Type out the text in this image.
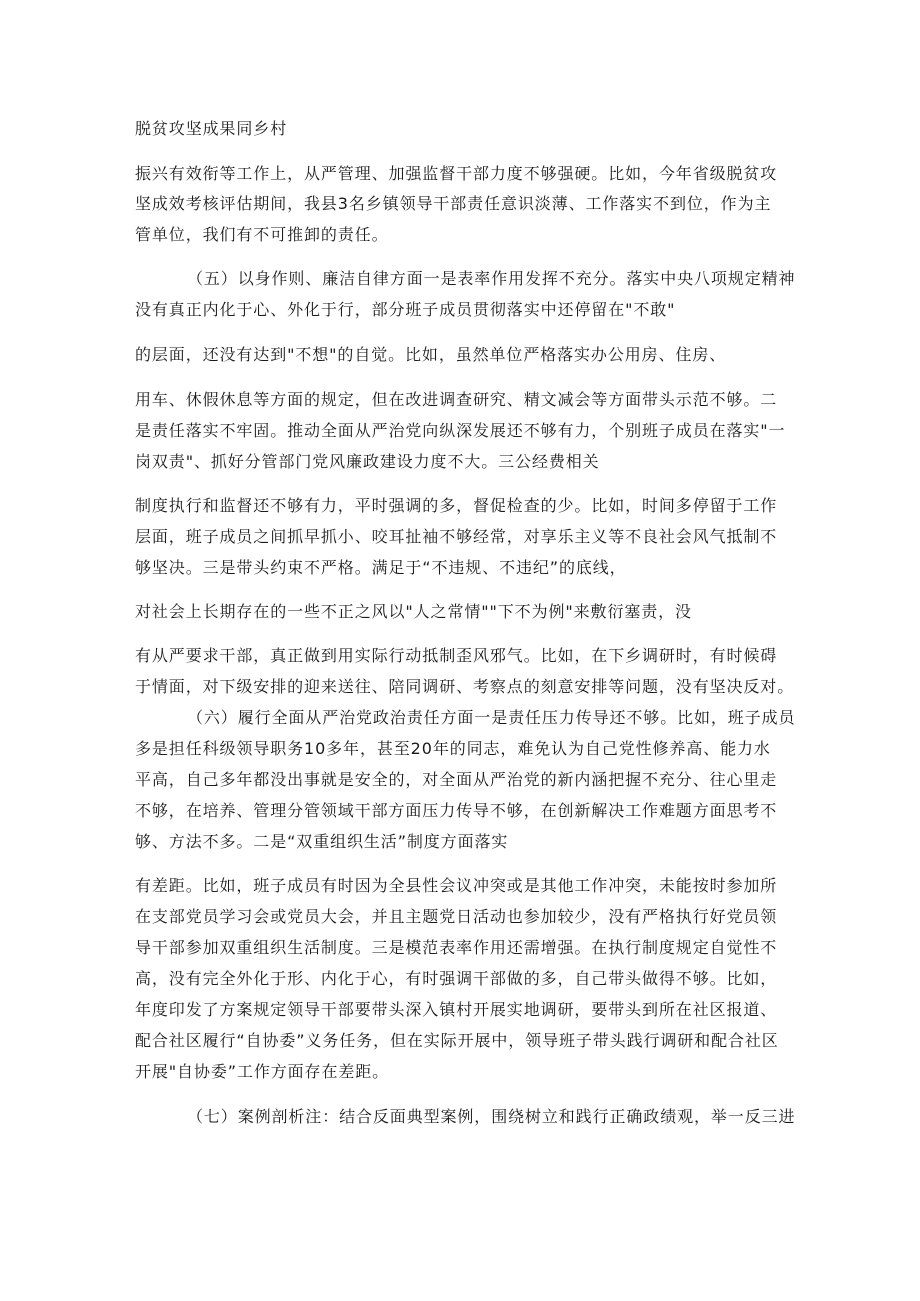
脱贫攻坚成果同乡村
振兴有效衔等工作上，从严管理、加强监督干部力度不够强硬。比如，今年省级脱贫攻
坚成效考核评估期间，我县3名乡镇领导干部责任意识淡薄、工作落实不到位，作为主
管单位，我们有不可推卸的责任。
（五）以身作则、廉洁自律方面一是表率作用发挥不充分。落实中央八项规定精神
没有真正内化于心、外化于行，部分班子成员贯彻落实中还停留在"不敢"
的层面，还没有达到"不想"的自觉。比如，虽然单位严格落实办公用房、住房、
用车、休假休息等方面的规定，但在改进调查研究、精文减会等方面带头示范不够。二
是责任落实不牢固。推动全面从严治党向纵深发展还不够有力，个别班子成员在落实"一
岗双责"、抓好分管部门党风廉政建设力度不大。三公经费相关
制度执行和监督还不够有力，平时强调的多，督促检查的少。比如，时间多停留于工作
层面，班子成员之间抓早抓小、咬耳扯袖不够经常，对享乐主义等不良社会风气抵制不
够坚决。三是带头约束不严格。满足于“不违规、不违纪”的底线，
对社会上长期存在的一些不正之风以"人之常情""下不为例"来敷衍塞责，没
有从严要求干部，真正做到用实际行动抵制歪风邪气。比如，在下乡调研时，有时候碍
于情面，对下级安排的迎来送往、陪同调研、考察点的刻意安排等问题，没有坚决反对。
（六）履行全面从严治党政治责任方面一是责任压力传导还不够。比如，班子成员
多是担任科级领导职务10多年，甚至20年的同志，难免认为自己党性修养高、能力水
平高，自己多年都没出事就是安全的，对全面从严治党的新内涵把握不充分、往心里走
不够，在培养、管理分管领域干部方面压力传导不够，在创新解决工作难题方面思考不
够、方法不多。二是“双重组织生活”制度方面落实
有差距。比如，班子成员有时因为全县性会议冲突或是其他工作冲突，未能按时参加所
在支部党员学习会或党员大会，并且主题党日活动也参加较少，没有严格执行好党员领
导干部参加双重组织生活制度。三是模范表率作用还需增强。在执行制度规定自觉性不
高，没有完全外化于形、内化于心，有时强调干部做的多，自己带头做得不够。比如，
年度印发了方案规定领导干部要带头深入镇村开展实地调研，要带头到所在社区报道、
配合社区履行“自协委”义务任务，但在实际开展中，领导班子带头践行调研和配合社区
开展"自协委”工作方面存在差距。
（七）案例剖析注：结合反面典型案例，围绕树立和践行正确政绩观，举一反三进
